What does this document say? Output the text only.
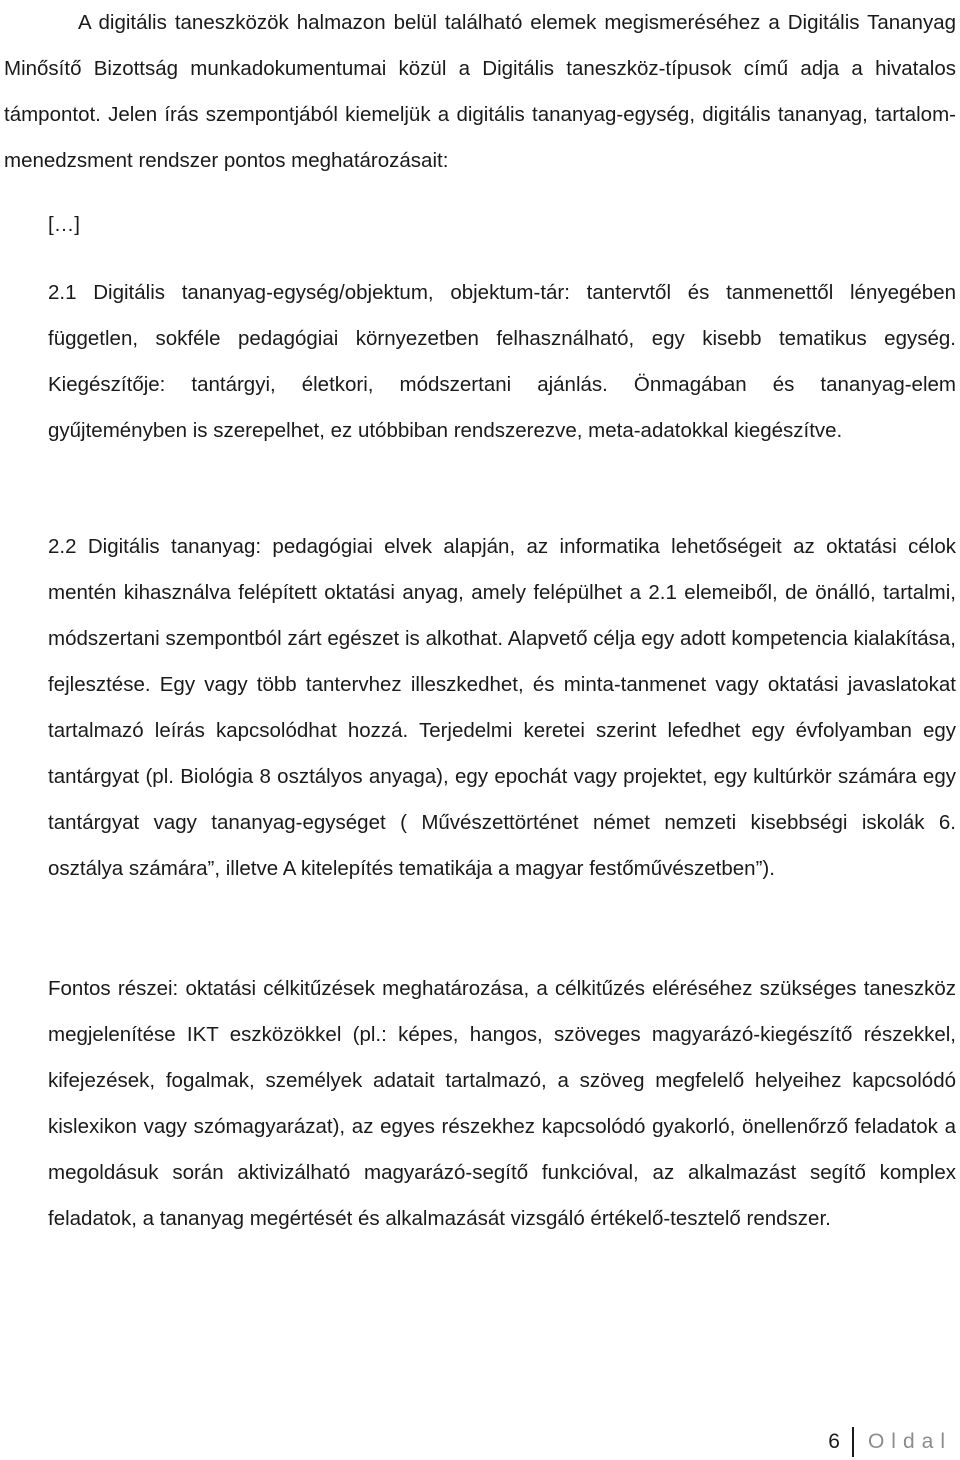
A digitális taneszközök halmazon belül található elemek megismeréséhez a Digitális Tananyag Minősítő Bizottság munkadokumentumai közül a Digitális taneszköz-típusok című adja a hivatalos támpontot. Jelen írás szempontjából kiemeljük a digitális tananyag-egység, digitális tananyag, tartalom-menedzsment rendszer pontos meghatározásait:

[…]

2.1 Digitális tananyag-egység/objektum, objektum-tár: tantervtől és tanmenettől lényegében független, sokféle pedagógiai környezetben felhasználható, egy kisebb tematikus egység. Kiegészítője: tantárgyi, életkori, módszertani ajánlás. Önmagában és tananyag-elem gyűjteményben is szerepelhet, ez utóbbiban rendszerezve, meta-adatokkal kiegészítve.

2.2 Digitális tananyag: pedagógiai elvek alapján, az informatika lehetőségeit az oktatási célok mentén kihasználva felépített oktatási anyag, amely felépülhet a 2.1 elemeiből, de önálló, tartalmi, módszertani szempontból zárt egészet is alkothat. Alapvető célja egy adott kompetencia kialakítása, fejlesztése. Egy vagy több tantervhez illeszkedhet, és minta-tanmenet vagy oktatási javaslatokat tartalmazó leírás kapcsolódhat hozzá. Terjedelmi keretei szerint lefedhet egy évfolyamban egy tantárgyat (pl. Biológia 8 osztályos anyaga), egy epochát vagy projektet, egy kultúrkör számára egy tantárgyat vagy tananyag-egységet ( Művészettörténet német nemzeti kisebbségi iskolák 6. osztálya számára”, illetve A kitelepítés tematikája a magyar festőművészetben”).

Fontos részei: oktatási célkitűzések meghatározása, a célkitűzés eléréséhez szükséges taneszköz megjelenítése IKT eszközökkel (pl.: képes, hangos, szöveges magyarázó-kiegészítő részekkel, kifejezések, fogalmak, személyek adatait tartalmazó, a szöveg megfelelő helyeihez kapcsolódó kislexikon vagy szómagyarázat), az egyes részekhez kapcsolódó gyakorló, önellenőrző feladatok a megoldásuk során aktivizálható magyarázó-segítő funkcióval, az alkalmazást segítő komplex feladatok, a tananyag megértését és alkalmazását vizsgáló értékelő-tesztelő rendszer.

6 Oldal
